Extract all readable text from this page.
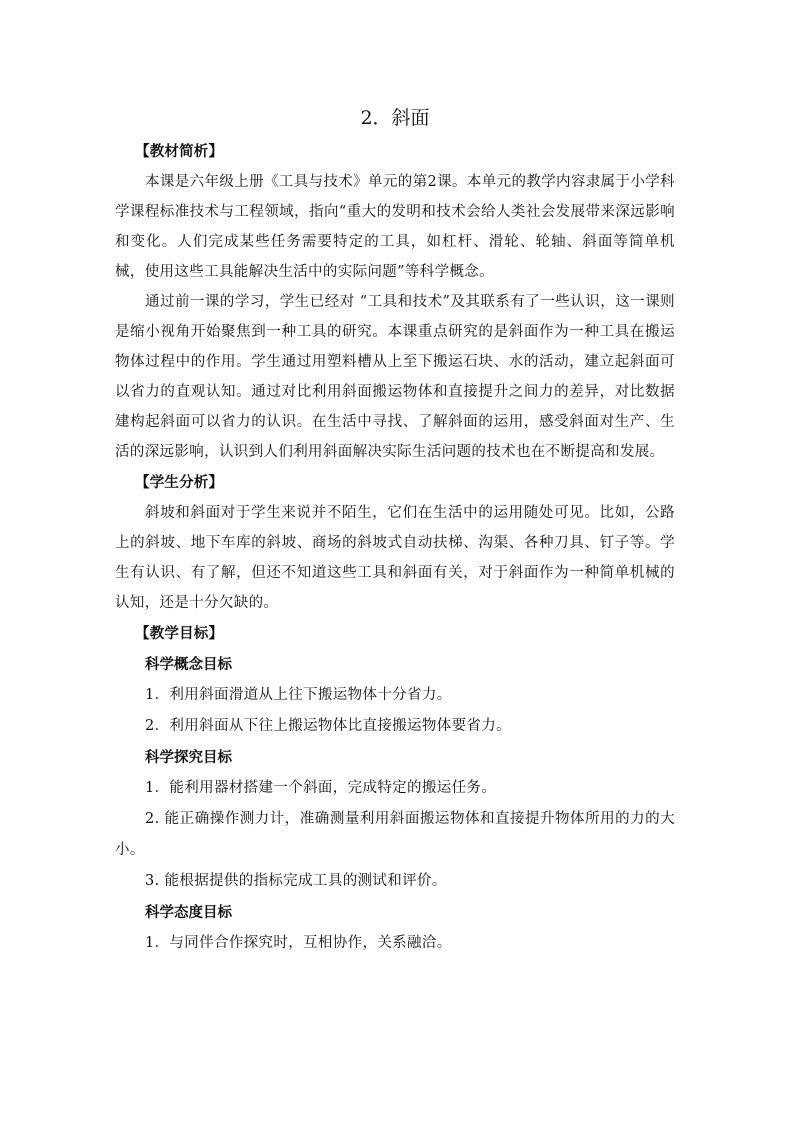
2．斜面

【教材简析】

本课是六年级上册《工具与技术》单元的第2课。本单元的教学内容隶属于小学科学课程标准技术与工程领域，指向“重大的发明和技术会给人类社会发展带来深远影响和变化。人们完成某些任务需要特定的工具，如杠杆、滑轮、轮轴、斜面等简单机械，使用这些工具能解决生活中的实际问题”等科学概念。

通过前一课的学习，学生已经对 “工具和技术”及其联系有了一些认识，这一课则是缩小视角开始聚焦到一种工具的研究。本课重点研究的是斜面作为一种工具在搬运物体过程中的作用。学生通过用塑料槽从上至下搬运石块、水的活动，建立起斜面可以省力的直观认知。通过对比利用斜面搬运物体和直接提升之间力的差异，对比数据建构起斜面可以省力的认识。在生活中寻找、了解斜面的运用，感受斜面对生产、生活的深远影响，认识到人们利用斜面解决实际生活问题的技术也在不断提高和发展。

【学生分析】

斜坡和斜面对于学生来说并不陌生，它们在生活中的运用随处可见。比如，公路上的斜坡、地下车库的斜坡、商场的斜坡式自动扶梯、沟渠、各种刀具、钉子等。学生有认识、有了解，但还不知道这些工具和斜面有关，对于斜面作为一种简单机械的认知，还是十分欠缺的。

【教学目标】

科学概念目标

1．利用斜面滑道从上往下搬运物体十分省力。

2．利用斜面从下往上搬运物体比直接搬运物体要省力。

科学探究目标

1．能利用器材搭建一个斜面，完成特定的搬运任务。

2. 能正确操作测力计，准确测量利用斜面搬运物体和直接提升物体所用的力的大小。

3. 能根据提供的指标完成工具的测试和评价。

科学态度目标

1．与同伴合作探究时，互相协作，关系融洽。
